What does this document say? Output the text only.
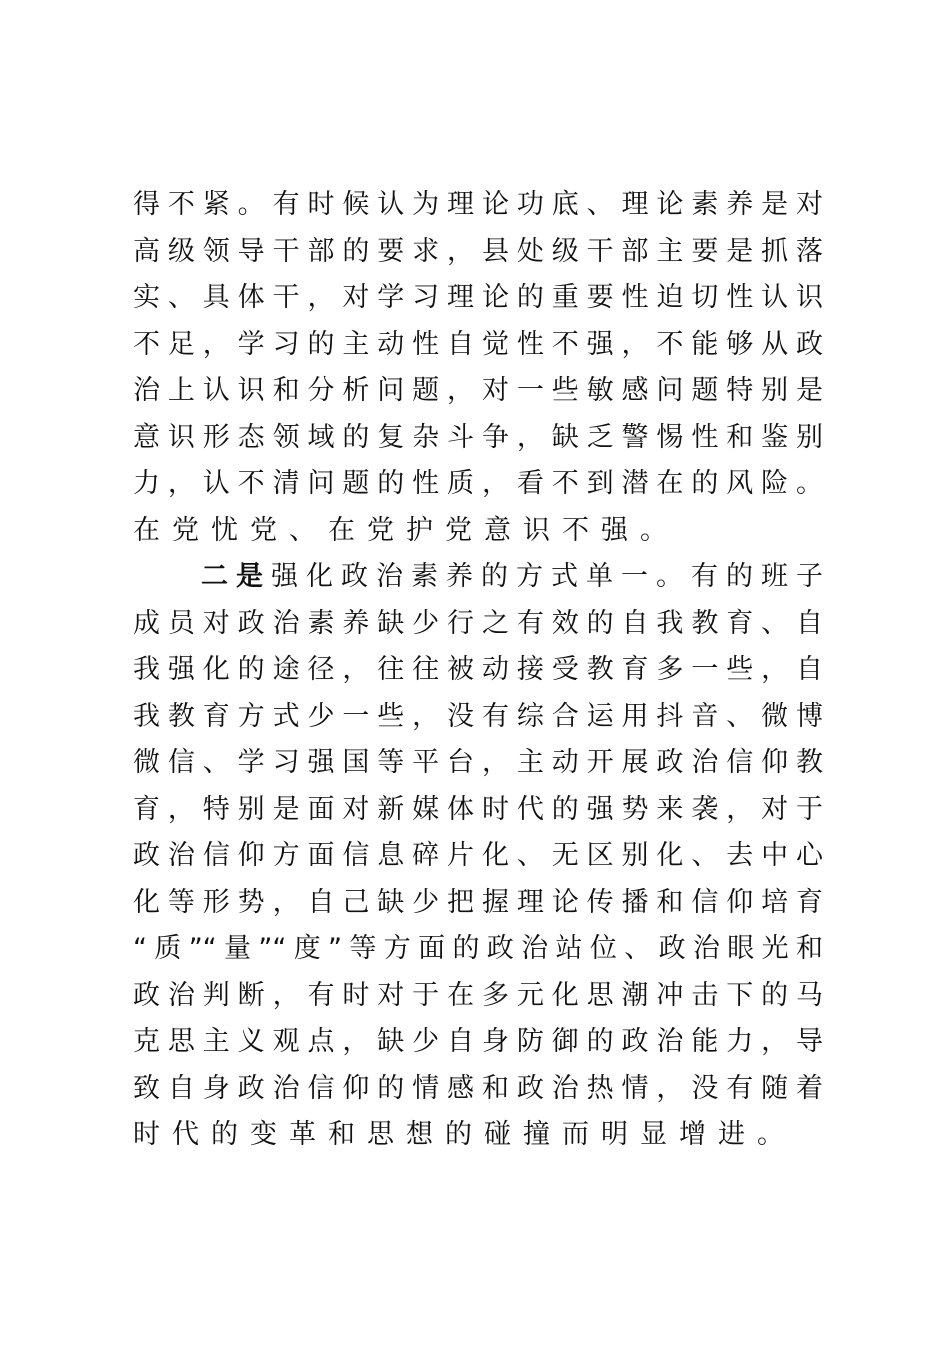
得不紧。有时候认为理论功底、理论素养是对
高级领导干部的要求，县处级干部主要是抓落
实、具体干，对学习理论的重要性迫切性认识
不足，学习的主动性自觉性不强，不能够从政
治上认识和分析问题，对一些敏感问题特别是
意识形态领域的复杂斗争，缺乏警惕性和鉴别
力，认不清问题的性质，看不到潜在的风险。
在党忧党、在党护党意识不强。
二是强化政治素养的方式单一。有的班子
成员对政治素养缺少行之有效的自我教育、自
我强化的途径，往往被动接受教育多一些，自
我教育方式少一些，没有综合运用抖音、微博
微信、学习强国等平台，主动开展政治信仰教
育，特别是面对新媒体时代的强势来袭，对于
政治信仰方面信息碎片化、无区别化、去中心
化等形势，自己缺少把握理论传播和信仰培育
“质”“量”“度”等方面的政治站位、政治眼光和
政治判断，有时对于在多元化思潮冲击下的马
克思主义观点，缺少自身防御的政治能力，导
致自身政治信仰的情感和政治热情，没有随着
时代的变革和思想的碰撞而明显增进。
